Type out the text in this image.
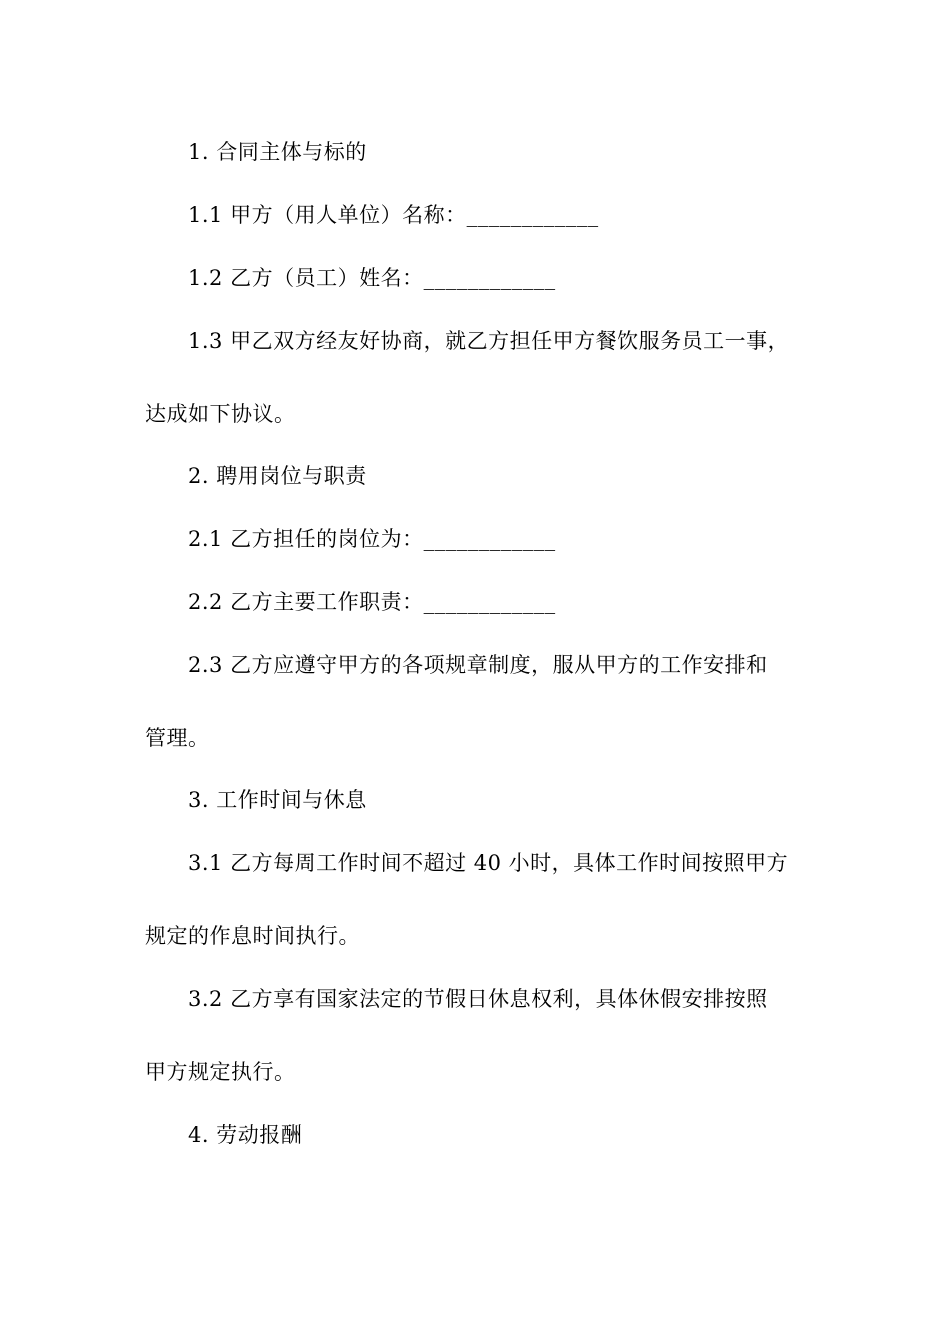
1. 合同主体与标的
1.1 甲方（用人单位）名称：____________
1.2 乙方（员工）姓名：____________
1.3 甲乙双方经友好协商，就乙方担任甲方餐饮服务员工一事，
达成如下协议。
2. 聘用岗位与职责
2.1 乙方担任的岗位为：____________
2.2 乙方主要工作职责：____________
2.3 乙方应遵守甲方的各项规章制度，服从甲方的工作安排和
管理。
3. 工作时间与休息
3.1 乙方每周工作时间不超过 40 小时，具体工作时间按照甲方
规定的作息时间执行。
3.2 乙方享有国家法定的节假日休息权利，具体休假安排按照
甲方规定执行。
4. 劳动报酬
